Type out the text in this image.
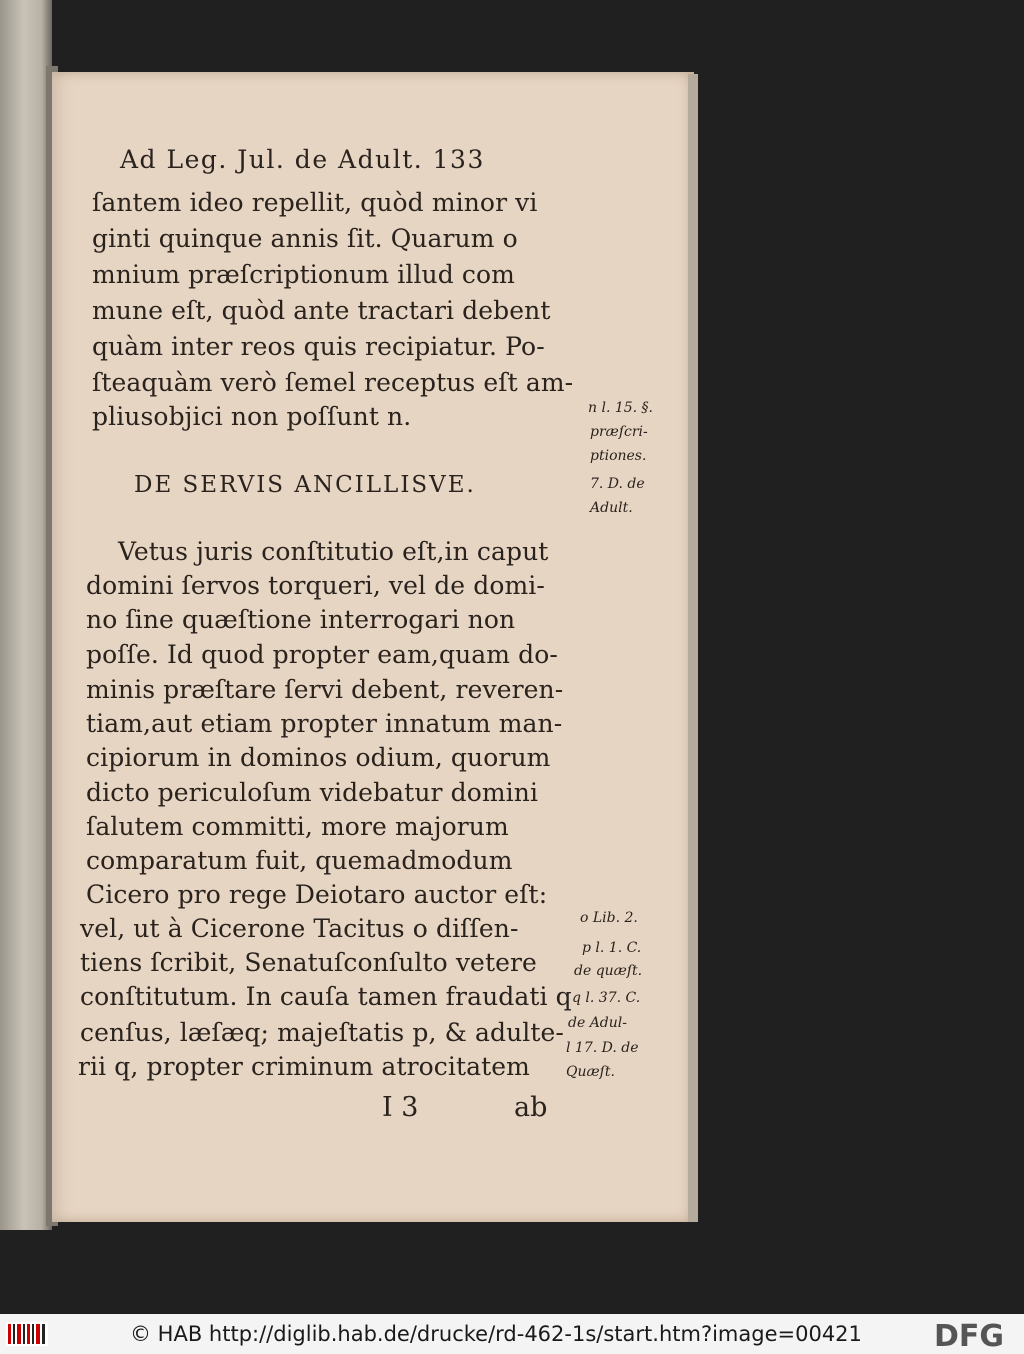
Ad Leg. Jul. de Adult. 133
ſantem ideo repellit, quòd minor vi
ginti quinque annis ſit. Quarum o
mnium præſcriptionum illud com
mune eſt, quòd ante tractari debent
quàm inter reos quis recipiatur. Po-
ſteaquàm verò ſemel receptus eſt am-
pliusobjici non poſſunt n.
DE SERVIS ANCILLISVE.
Vetus juris conſtitutio eſt,in caput
domini ſervos torqueri, vel de domi-
no ſine quæſtione interrogari non
poſſe. Id quod propter eam,quam do-
minis præſtare ſervi debent, reveren-
tiam,aut etiam propter innatum man-
cipiorum in dominos odium, quorum
dicto periculoſum videbatur domini
ſalutem committi, more majorum
comparatum fuit, quemadmodum
Cicero pro rege Deiotaro auctor eſt:
vel, ut à Cicerone Tacitus o diſſen-
tiens ſcribit, Senatuſconſulto vetere
conſtitutum. In cauſa tamen fraudati q
cenſus, læſæq; majeſtatis p, & adulte-
rii q, propter criminum atrocitatem
I 3	ab
n l. 15. §.
præſcri-
ptiones.
7. D. de
Adult.
o Lib. 2.
p l. 1. C.
de quæſt.
q l. 37. C.
de Adul-
l 17. D. de
Quæſt.
© HAB http://diglib.hab.de/drucke/rd-462-1s/start.htm?image=00421 DFG
